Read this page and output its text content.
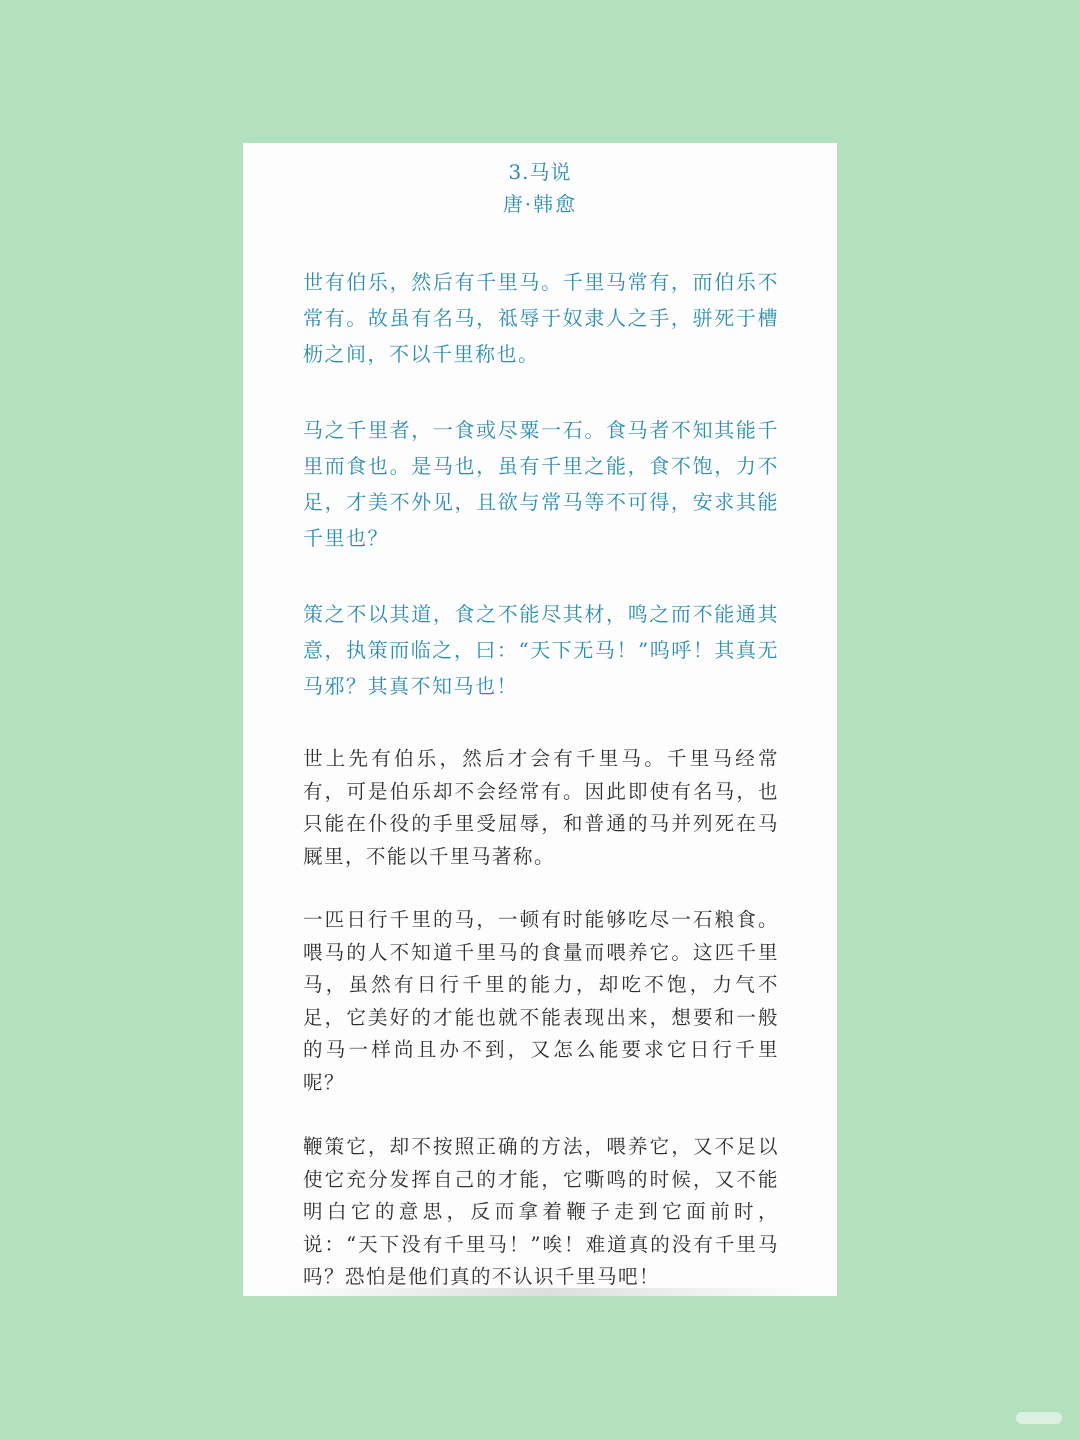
3.马说
唐·韩愈

世有伯乐，然后有千里马。千里马常有，而伯乐不常有。故虽有名马，祗辱于奴隶人之手，骈死于槽枥之间，不以千里称也。

马之千里者，一食或尽粟一石。食马者不知其能千里而食也。是马也，虽有千里之能，食不饱，力不足，才美不外见，且欲与常马等不可得，安求其能千里也？

策之不以其道，食之不能尽其材，鸣之而不能通其意，执策而临之，曰：“天下无马！”呜呼！其真无马邪？其真不知马也！

世上先有伯乐，然后才会有千里马。千里马经常有，可是伯乐却不会经常有。因此即使有名马，也只能在仆役的手里受屈辱，和普通的马并列死在马厩里，不能以千里马著称。

一匹日行千里的马，一顿有时能够吃尽一石粮食。喂马的人不知道千里马的食量而喂养它。这匹千里马，虽然有日行千里的能力，却吃不饱，力气不足，它美好的才能也就不能表现出来，想要和一般的马一样尚且办不到，又怎么能要求它日行千里呢？

鞭策它，却不按照正确的方法，喂养它，又不足以使它充分发挥自己的才能，它嘶鸣的时候，又不能明白它的意思，反而拿着鞭子走到它面前时，说：“天下没有千里马！”唉！难道真的没有千里马吗？恐怕是他们真的不认识千里马吧！
